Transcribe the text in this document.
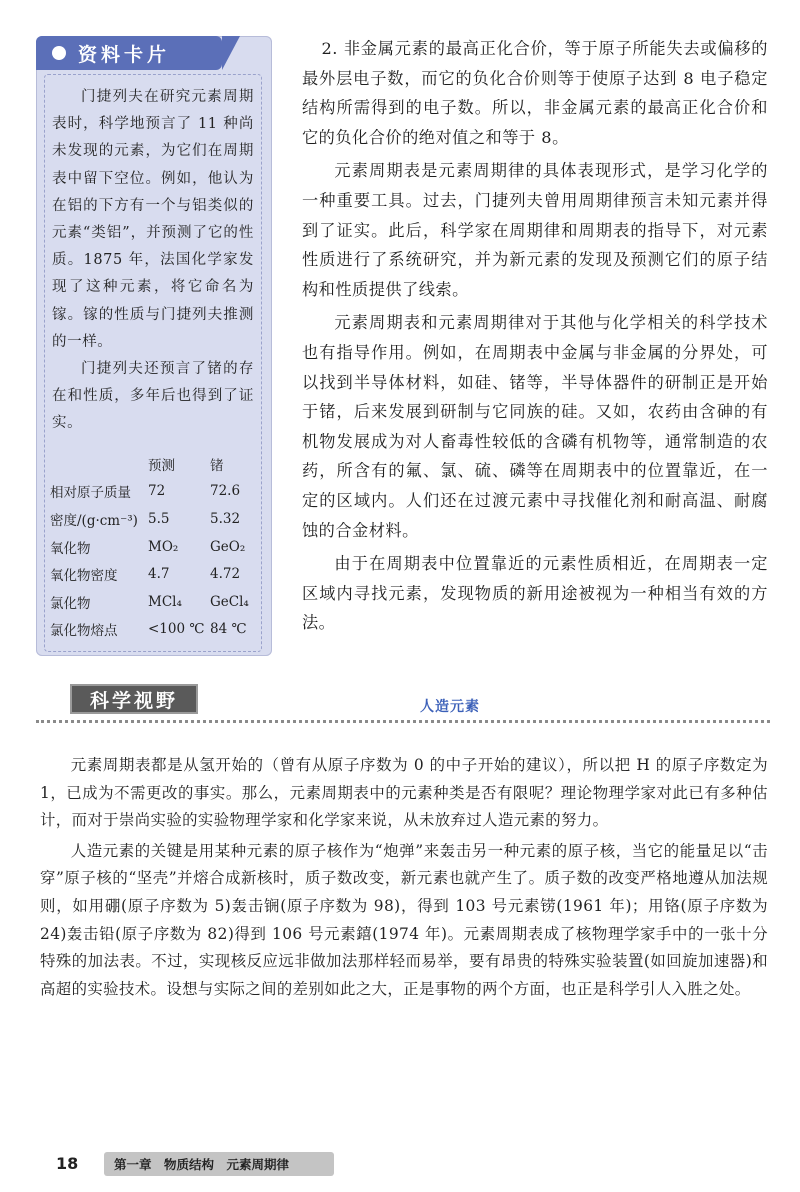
资料卡片

门捷列夫在研究元素周期表时，科学地预言了 11 种尚未发现的元素，为它们在周期表中留下空位。例如，他认为在铝的下方有一个与铝类似的元素“类铝”，并预测了它的性质。1875 年，法国化学家发现了这种元素，将它命名为镓。镓的性质与门捷列夫推测的一样。

门捷列夫还预言了锗的存在和性质，多年后也得到了证实。

	预测	锗
相对原子质量	72	72.6
密度/(g·cm⁻³)	5.5	5.32
氧化物	MO₂	GeO₂
氧化物密度	4.7	4.72
氯化物	MCl₄	GeCl₄
氯化物熔点	<100 ℃	84 ℃

2. 非金属元素的最高正化合价，等于原子所能失去或偏移的最外层电子数，而它的负化合价则等于使原子达到 8 电子稳定结构所需得到的电子数。所以，非金属元素的最高正化合价和它的负化合价的绝对值之和等于 8。

元素周期表是元素周期律的具体表现形式，是学习化学的一种重要工具。过去，门捷列夫曾用周期律预言未知元素并得到了证实。此后，科学家在周期律和周期表的指导下，对元素性质进行了系统研究，并为新元素的发现及预测它们的原子结构和性质提供了线索。

元素周期表和元素周期律对于其他与化学相关的科学技术也有指导作用。例如，在周期表中金属与非金属的分界处，可以找到半导体材料，如硅、锗等，半导体器件的研制正是开始于锗，后来发展到研制与它同族的硅。又如，农药由含砷的有机物发展成为对人畜毒性较低的含磷有机物等，通常制造的农药，所含有的氟、氯、硫、磷等在周期表中的位置靠近，在一定的区域内。人们还在过渡元素中寻找催化剂和耐高温、耐腐蚀的合金材料。

由于在周期表中位置靠近的元素性质相近，在周期表一定区域内寻找元素，发现物质的新用途被视为一种相当有效的方法。

科学视野	人造元素

元素周期表都是从氢开始的（曾有从原子序数为 0 的中子开始的建议），所以把 H 的原子序数定为 1，已成为不需更改的事实。那么，元素周期表中的元素种类是否有限呢？理论物理学家对此已有多种估计，而对于崇尚实验的实验物理学家和化学家来说，从未放弃过人造元素的努力。

人造元素的关键是用某种元素的原子核作为“炮弹”来轰击另一种元素的原子核，当它的能量足以“击穿”原子核的“坚壳”并熔合成新核时，质子数改变，新元素也就产生了。质子数的改变严格地遵从加法规则，如用硼(原子序数为 5)轰击锎(原子序数为 98)，得到 103 号元素铹(1961 年)；用铬(原子序数为 24)轰击铅(原子序数为 82)得到 106 号元素𨭎(1974 年)。元素周期表成了核物理学家手中的一张十分特殊的加法表。不过，实现核反应远非做加法那样轻而易举，要有昂贵的特殊实验装置(如回旋加速器)和高超的实验技术。设想与实际之间的差别如此之大，正是事物的两个方面，也正是科学引人入胜之处。

18	第一章　物质结构　元素周期律
